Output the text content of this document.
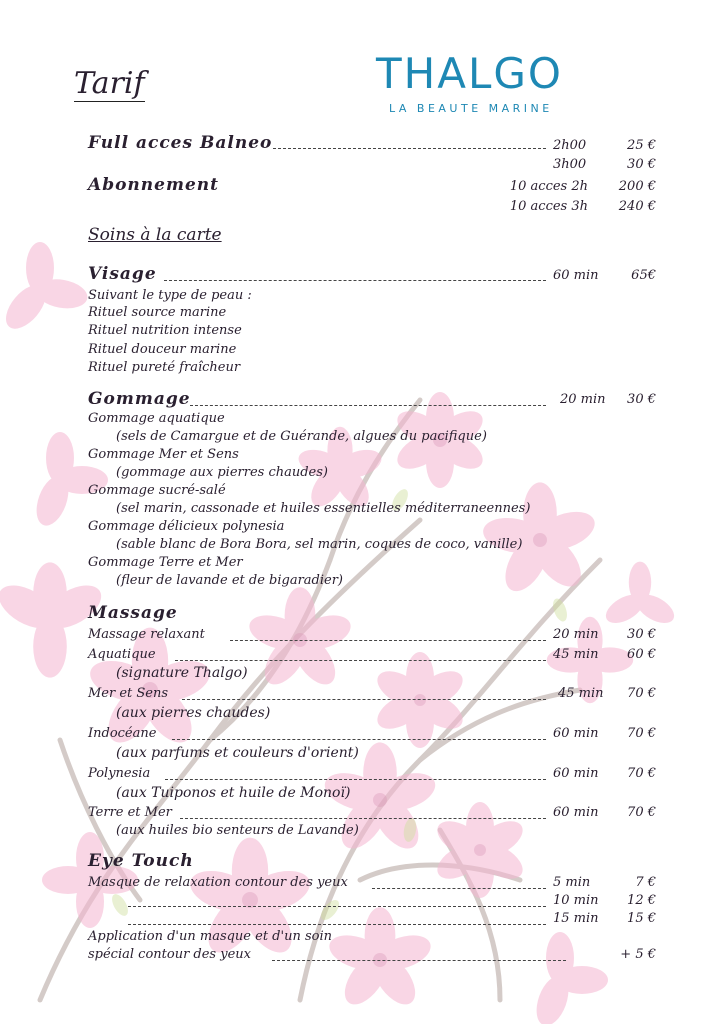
Tarif	THALGO
LA BEAUTE MARINE
Full acces Balneo	2h00	25 €
3h00	30 €
Abonnement	10 acces 2h	200 €
10 acces 3h	240 €
Soins à la carte
Visage	60 min	65€
Suivant le type de peau :
Rituel source marine
Rituel nutrition intense
Rituel douceur marine
Rituel pureté fraîcheur
Gommage	20 min	30 €
Gommage aquatique
(sels de Camargue et de Guérande, algues du pacifique)
Gommage Mer et Sens
(gommage aux pierres chaudes)
Gommage sucré-salé
(sel marin, cassonade et huiles essentielles méditerraneennes)
Gommage délicieux polynesia
(sable blanc de Bora Bora, sel marin, coques de coco, vanille)
Gommage Terre et Mer
(fleur de lavande et de bigaradier)
Massage
Massage relaxant	20 min	30 €
Aquatique	45 min	60 €
(signature Thalgo)
Mer et Sens	45 min	70 €
(aux pierres chaudes)
Indocéane	60 min	70 €
(aux parfums et couleurs d'orient)
Polynesia	60 min	70 €
(aux Tuiponos et huile de Monoï)
Terre et Mer	60 min	70 €
(aux huiles bio senteurs de Lavande)
Eye Touch
Masque de relaxation contour des yeux	5 min	7 €
10 min	12 €
15 min	15 €
Application d'un masque et d'un soin
spécial contour des yeux	+ 5 €
